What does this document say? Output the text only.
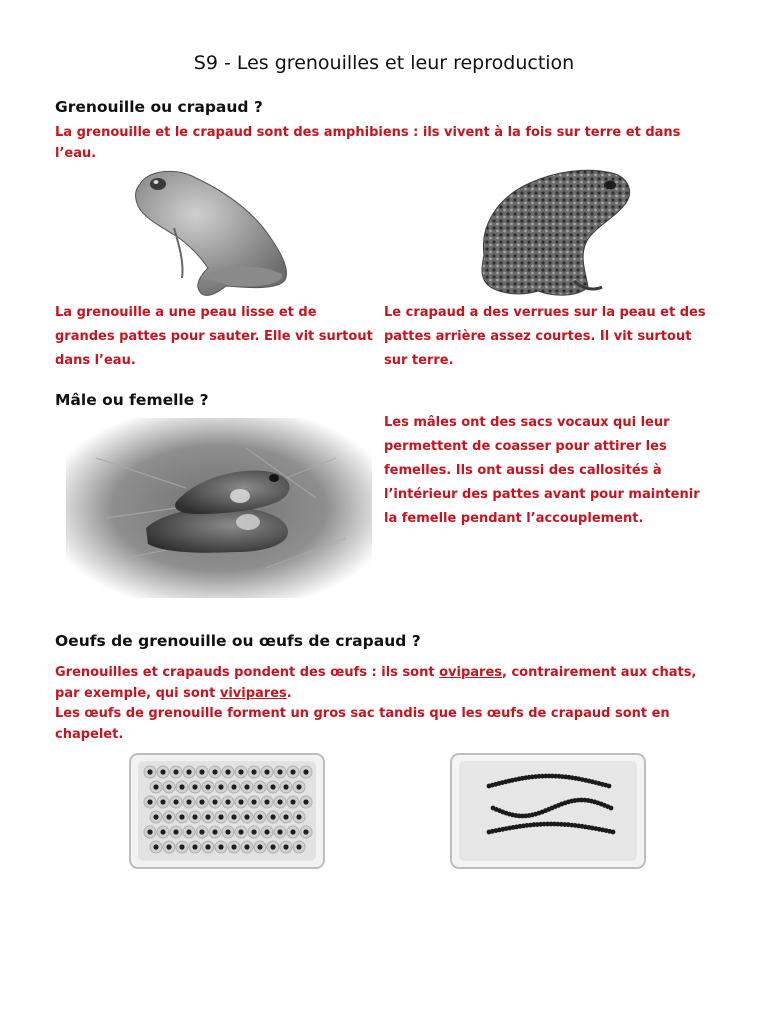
S9 - Les grenouilles et leur reproduction
Grenouille ou crapaud ?

La grenouille et le crapaud sont des amphibiens : ils vivent à la fois sur terre et dans l’eau.

La grenouille a une peau lisse et de grandes pattes pour sauter. Elle vit surtout dans l’eau.

Le crapaud a des verrues sur la peau et des pattes arrière assez courtes. Il vit surtout sur terre.

Mâle ou femelle ?

Les mâles ont des sacs vocaux qui leur permettent de coasser pour attirer les femelles. Ils ont aussi des callosités à l’intérieur des pattes avant pour maintenir la femelle pendant l’accouplement.

Oeufs de grenouille ou œufs de crapaud ?

Grenouilles et crapauds pondent des œufs : ils sont ovipares, contrairement aux chats, par exemple, qui sont vivipares.

Les œufs de grenouille forment un gros sac tandis que les œufs de crapaud sont en chapelet.
